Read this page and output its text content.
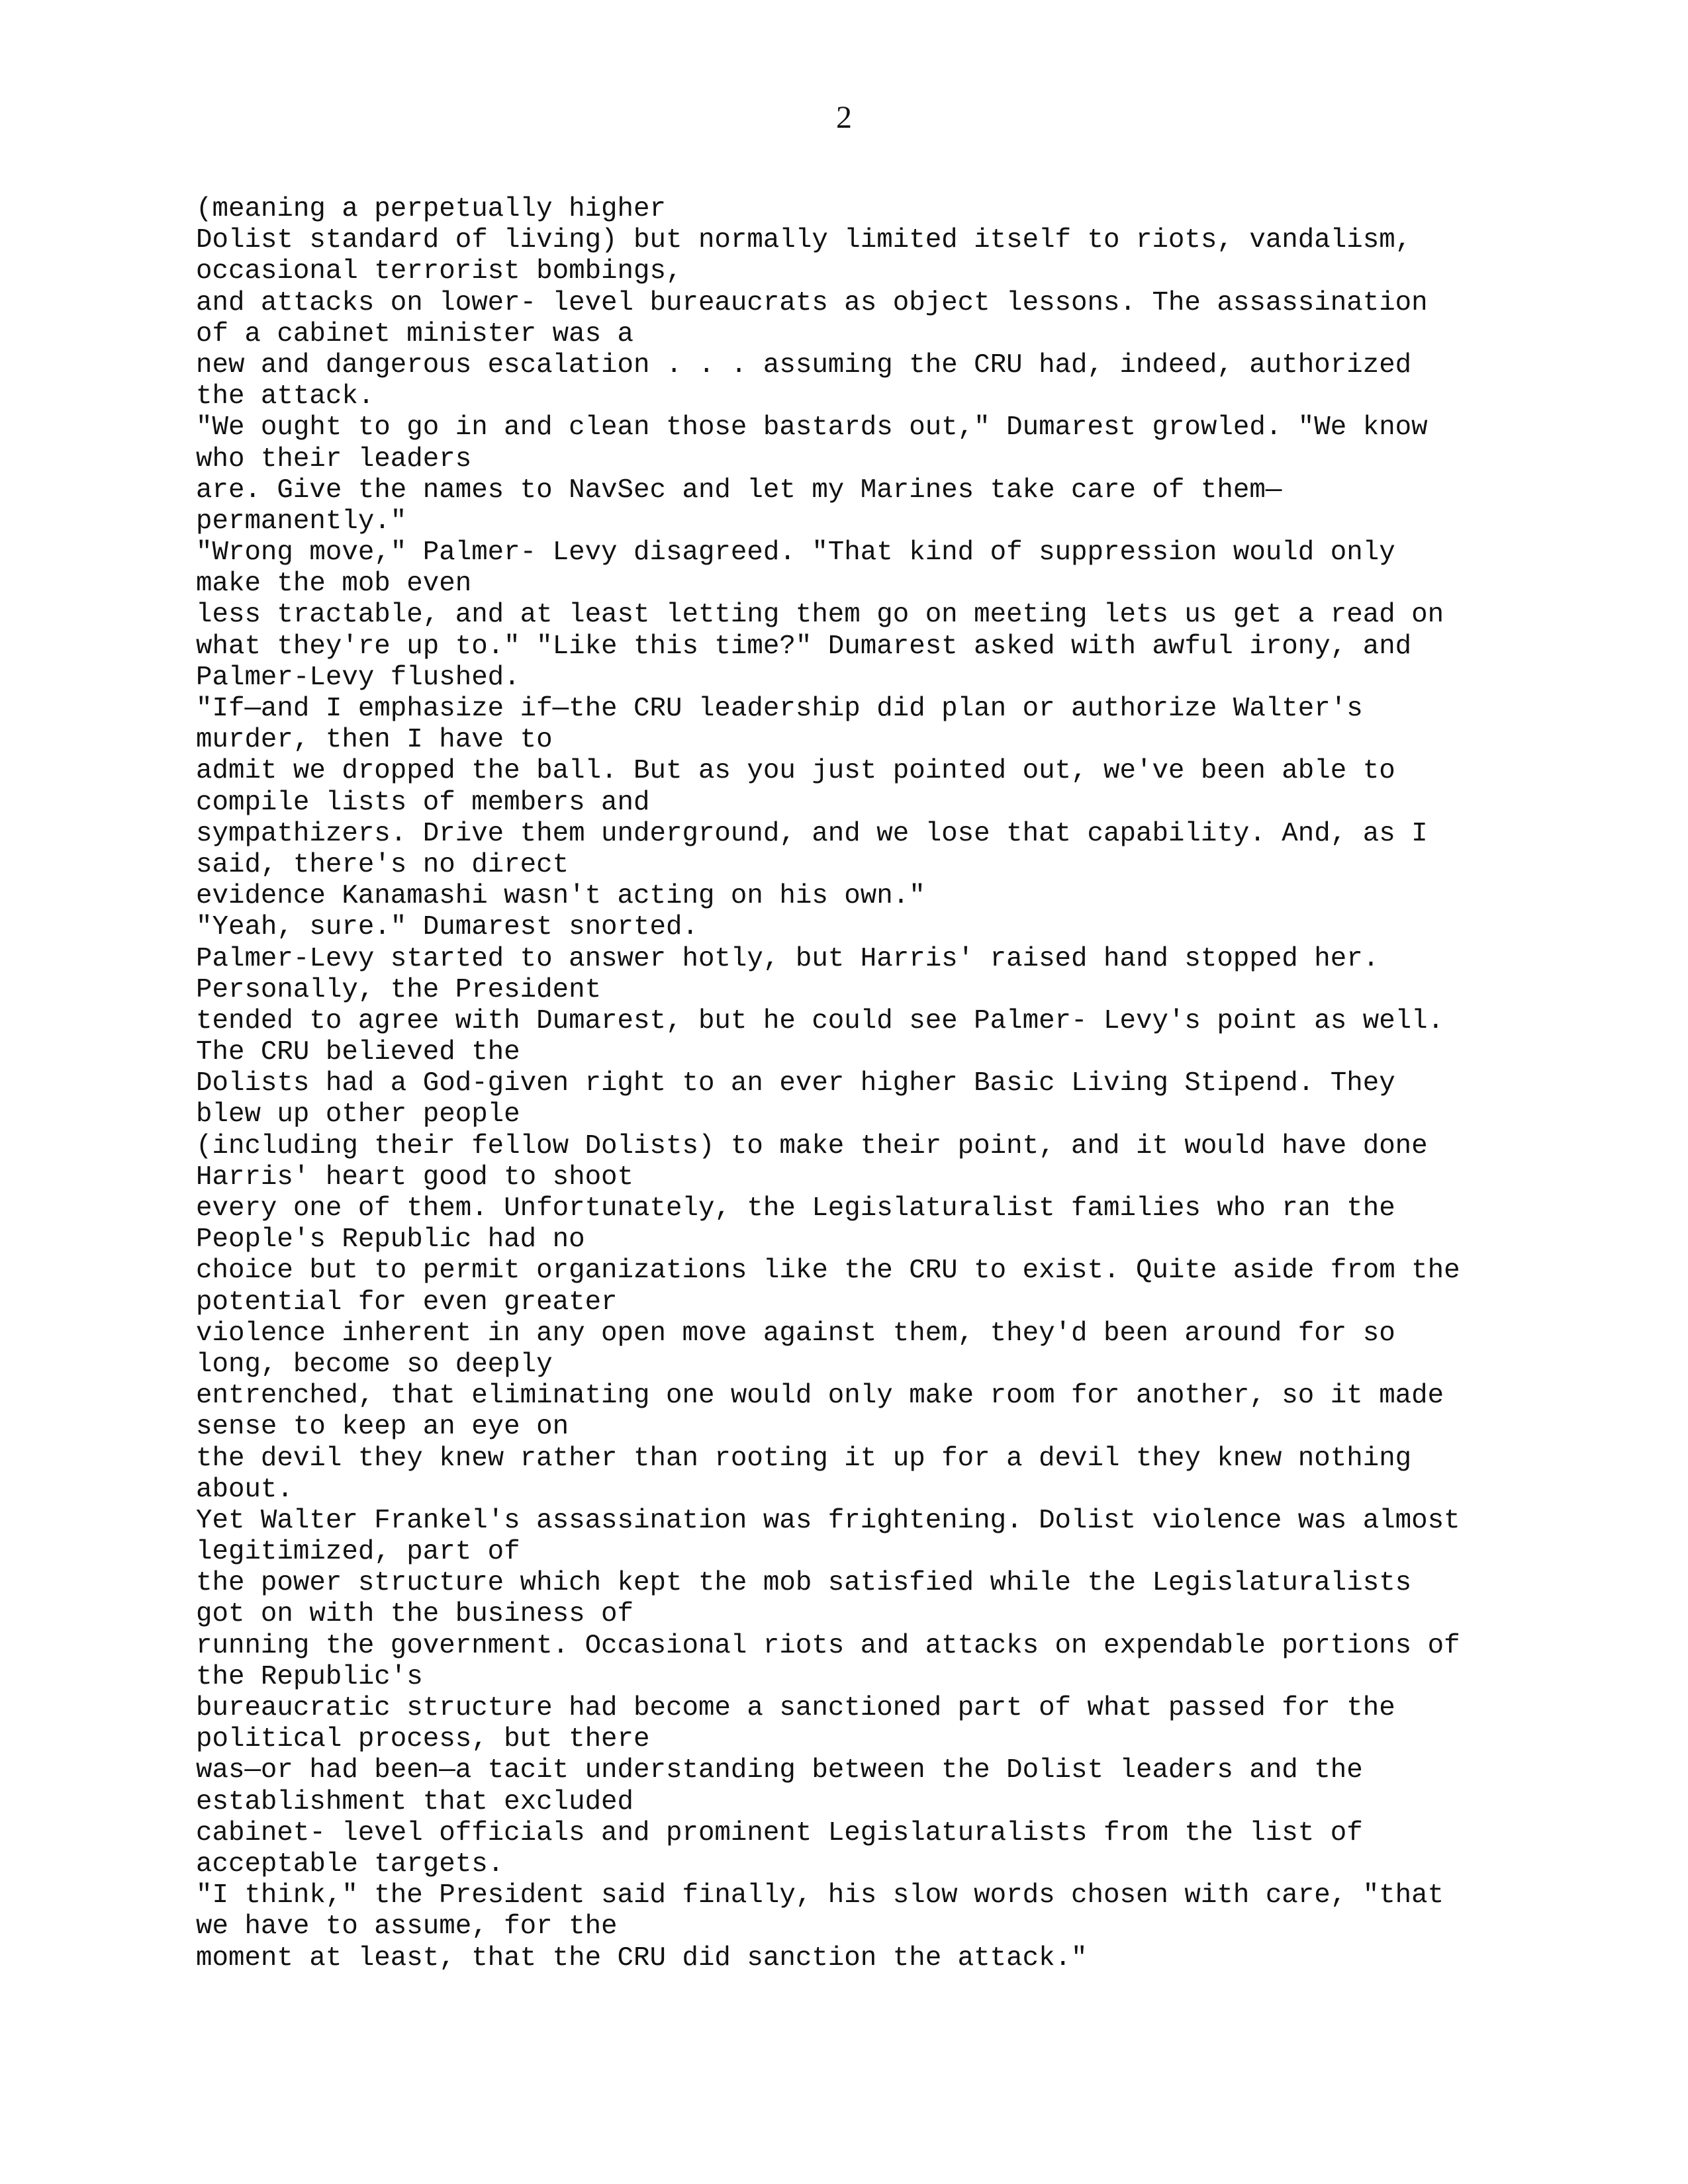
2
(meaning a perpetually higher
Dolist standard of living) but normally limited itself to riots, vandalism,
occasional terrorist bombings,
and attacks on lower- level bureaucrats as object lessons. The assassination
of a cabinet minister was a
new and dangerous escalation . . . assuming the CRU had, indeed, authorized
the attack.
"We ought to go in and clean those bastards out," Dumarest growled. "We know
who their leaders
are. Give the names to NavSec and let my Marines take care of them—
permanently."
"Wrong move," Palmer- Levy disagreed. "That kind of suppression would only
make the mob even
less tractable, and at least letting them go on meeting lets us get a read on
what they're up to." "Like this time?" Dumarest asked with awful irony, and
Palmer-Levy flushed.
"If—and I emphasize if—the CRU leadership did plan or authorize Walter's
murder, then I have to
admit we dropped the ball. But as you just pointed out, we've been able to
compile lists of members and
sympathizers. Drive them underground, and we lose that capability. And, as I
said, there's no direct
evidence Kanamashi wasn't acting on his own."
"Yeah, sure." Dumarest snorted.
Palmer-Levy started to answer hotly, but Harris' raised hand stopped her.
Personally, the President
tended to agree with Dumarest, but he could see Palmer- Levy's point as well.
The CRU believed the
Dolists had a God-given right to an ever higher Basic Living Stipend. They
blew up other people
(including their fellow Dolists) to make their point, and it would have done
Harris' heart good to shoot
every one of them. Unfortunately, the Legislaturalist families who ran the
People's Republic had no
choice but to permit organizations like the CRU to exist. Quite aside from the
potential for even greater
violence inherent in any open move against them, they'd been around for so
long, become so deeply
entrenched, that eliminating one would only make room for another, so it made
sense to keep an eye on
the devil they knew rather than rooting it up for a devil they knew nothing
about.
Yet Walter Frankel's assassination was frightening. Dolist violence was almost
legitimized, part of
the power structure which kept the mob satisfied while the Legislaturalists
got on with the business of
running the government. Occasional riots and attacks on expendable portions of
the Republic's
bureaucratic structure had become a sanctioned part of what passed for the
political process, but there
was—or had been—a tacit understanding between the Dolist leaders and the
establishment that excluded
cabinet- level officials and prominent Legislaturalists from the list of
acceptable targets.
"I think," the President said finally, his slow words chosen with care, "that
we have to assume, for the
moment at least, that the CRU did sanction the attack."
